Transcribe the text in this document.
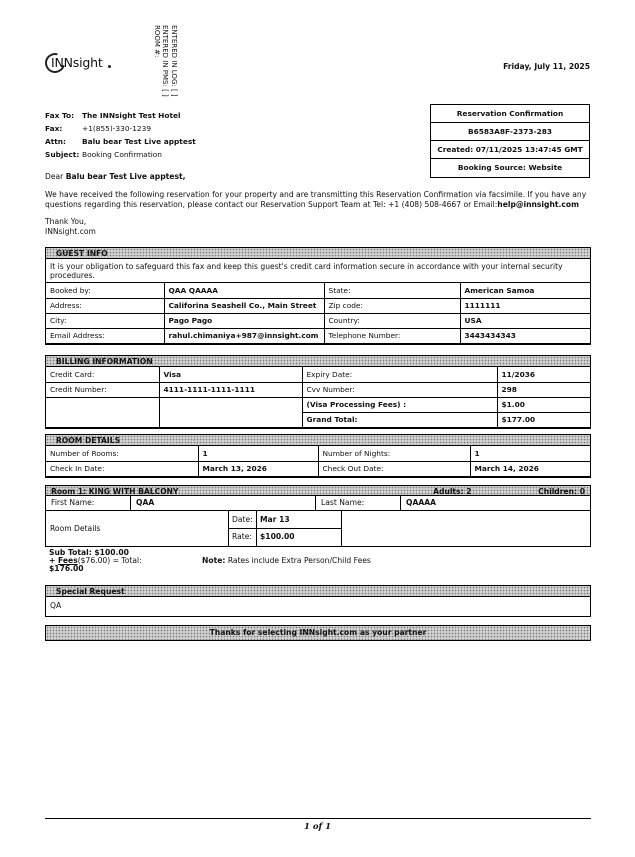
INNsight	ENTERED IN LOG: [ ]
ENTERED IN PMS: [ ]
ROOM #:
Friday, July 11, 2025
Fax To:	The INNsight Test Hotel
Fax:	+1(855)-330-1239
Attn:	Balu bear Test Live apptest
Subject:	Booking Confirmation
Reservation Confirmation
B6583A8F-2373-283
Created: 07/11/2025 13:47:45 GMT
Booking Source: Website
Dear Balu bear Test Live apptest,
We have received the following reservation for your property and are transmitting this Reservation Confirmation via facsimile. If you have any questions regarding this reservation, please contact our Reservation Support Team at Tel: +1 (408) 508-4667 or Email:help@innsight.com
Thank You,
INNsight.com
GUEST INFO
It is your obligation to safeguard this fax and keep this guest's credit card information secure in accordance with your internal security procedures.
Booked by:	QAA QAAAA	State:	American Samoa
Address:	Califorina Seashell Co., Main Street	Zip code:	1111111
City:	Pago Pago	Country:	USA
Email Address:	rahul.chimaniya+987@innsight.com	Telephone Number:	3443434343
BILLING INFORMATION
Credit Card:	Visa	Expiry Date:	11/2036
Credit Number:	4111-1111-1111-1111	Cvv Number:	298
		(Visa Processing Fees) :	$1.00
		Grand Total:	$177.00
ROOM DETAILS
Number of Rooms:	1	Number of Nights:	1
Check In Date:	March 13, 2026	Check Out Date:	March 14, 2026
Room 1: KING WITH BALCONY	Adults: 2	Children: 0
First Name:	QAA	Last Name:	QAAAA
Room Details
Date: Mar 13
Rate:	$100.00
Sub Total: $100.00
+ Fees($76.00) = Total:
$176.00
Note: Rates include Extra Person/Child Fees
Special Request
QA
Thanks for selecting INNsight.com as your partner
1 of 1
